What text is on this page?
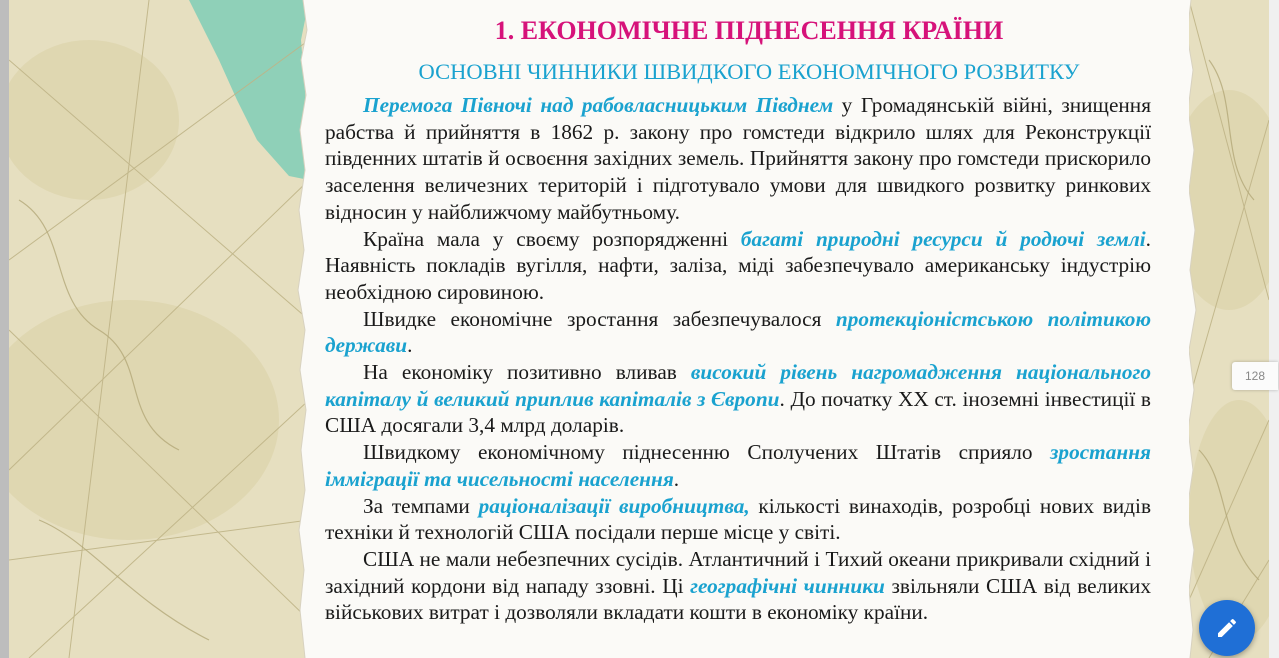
1. ЕКОНОМІЧНЕ ПІДНЕСЕННЯ КРАЇНИ
ОСНОВНІ ЧИННИКИ ШВИДКОГО ЕКОНОМІЧНОГО РОЗВИТКУ

Перемога Півночі над рабовласницьким Півднем у Громадянській війні, знищення рабства й прийняття в 1862 р. закону про гомстеди відкрило шлях для Реконструкції південних штатів й освоєння західних земель. Прийняття закону про гомстеди прискорило заселення величезних територій і підготувало умови для швидкого розвитку ринкових відносин у найближчому майбутньому.

Країна мала у своєму розпорядженні багаті природні ресурси й родючі землі. Наявність покладів вугілля, нафти, заліза, міді забезпечувало американську індустрію необхідною сировиною.

Швидке економічне зростання забезпечувалося протекціоністською політикою держави.

На економіку позитивно вливав високий рівень нагромадження національного капіталу й великий приплив капіталів з Європи. До початку XX ст. іноземні інвестиції в США досягали 3,4 млрд доларів.

Швидкому економічному піднесенню Сполучених Штатів сприяло зростання імміграції та чисельності населення.

За темпами раціоналізації виробництва, кількості винаходів, розробці нових видів техніки й технологій США посідали перше місце у світі.

США не мали небезпечних сусідів. Атлантичний і Тихий океани прикривали східний і західний кордони від нападу ззовні. Ці географічні чинники звільняли США від великих військових витрат і дозволяли вкладати кошти в економіку країни.

128
